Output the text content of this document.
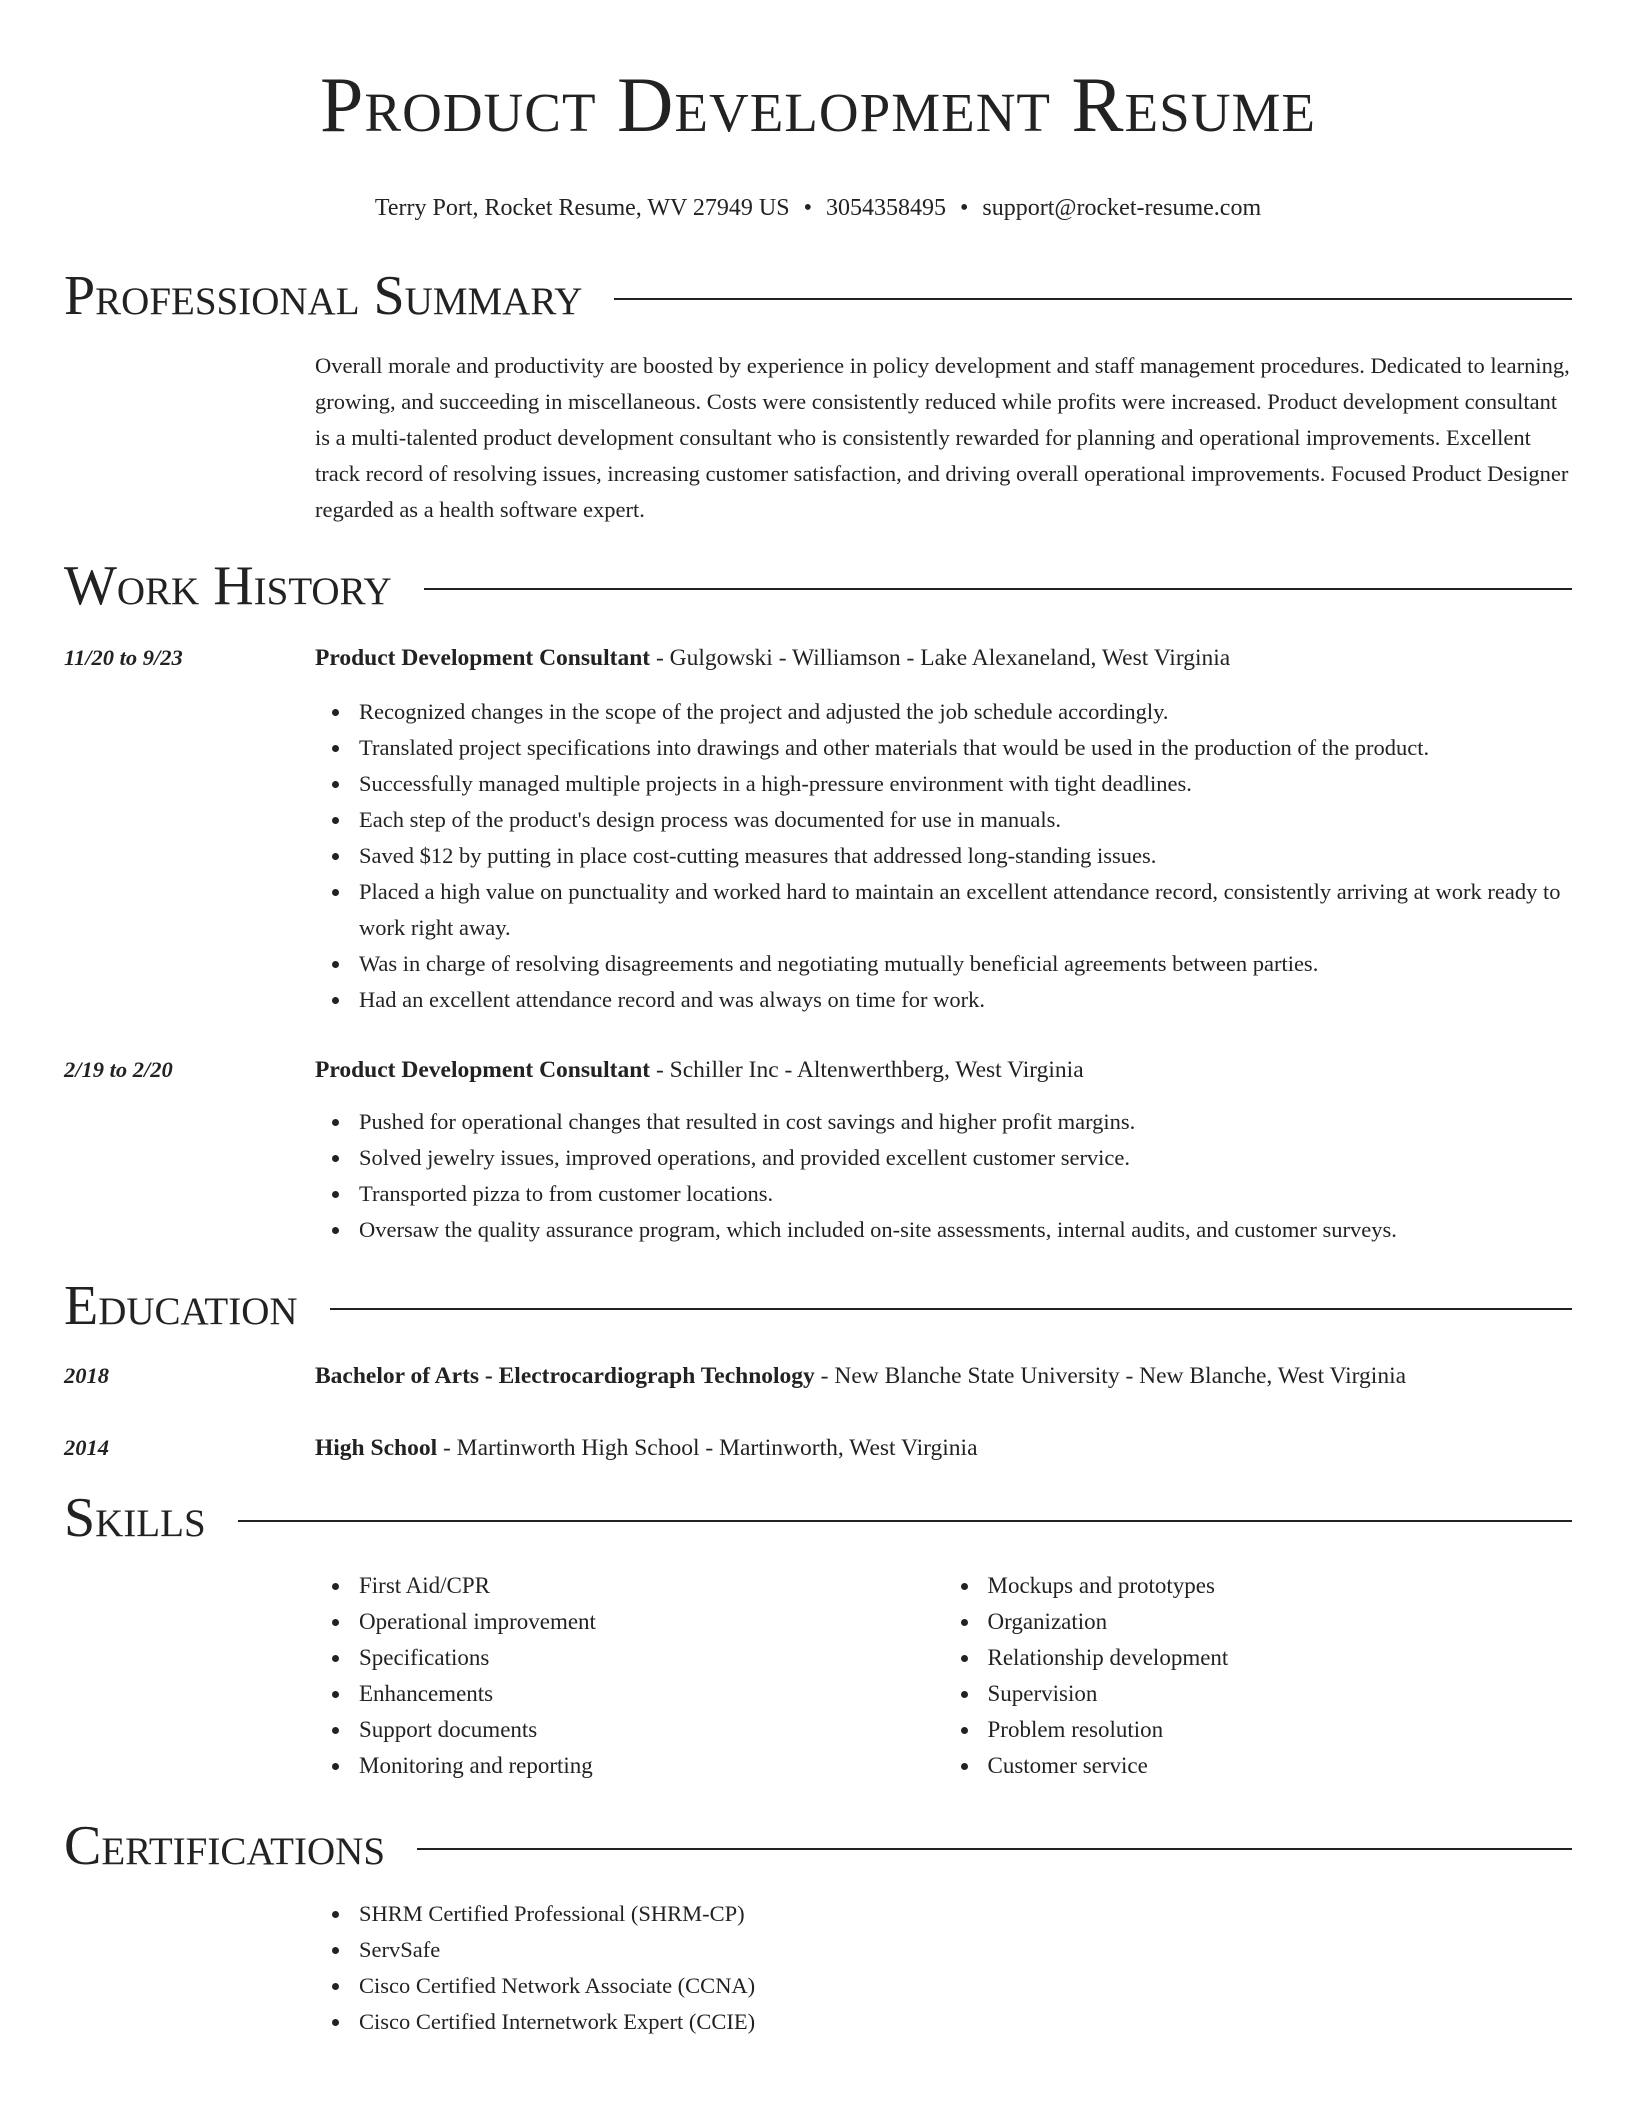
Product Development Resume
Terry Port, Rocket Resume, WV 27949 US • 3054358495 • support@rocket-resume.com
Professional Summary

Overall morale and productivity are boosted by experience in policy development and staff management procedures. Dedicated to learning, growing, and succeeding in miscellaneous. Costs were consistently reduced while profits were increased. Product development consultant is a multi-talented product development consultant who is consistently rewarded for planning and operational improvements. Excellent track record of resolving issues, increasing customer satisfaction, and driving overall operational improvements. Focused Product Designer regarded as a health software expert.

Work History
11/20 to 9/23	Product Development Consultant - Gulgowski - Williamson - Lake Alexaneland, West Virginia
Recognized changes in the scope of the project and adjusted the job schedule accordingly.
Translated project specifications into drawings and other materials that would be used in the production of the product.
Successfully managed multiple projects in a high-pressure environment with tight deadlines.
Each step of the product's design process was documented for use in manuals.
Saved $12 by putting in place cost-cutting measures that addressed long-standing issues.
Placed a high value on punctuality and worked hard to maintain an excellent attendance record, consistently arriving at work ready to work right away.
Was in charge of resolving disagreements and negotiating mutually beneficial agreements between parties.
Had an excellent attendance record and was always on time for work.
2/19 to 2/20	Product Development Consultant - Schiller Inc - Altenwerthberg, West Virginia
Pushed for operational changes that resulted in cost savings and higher profit margins.
Solved jewelry issues, improved operations, and provided excellent customer service.
Transported pizza to from customer locations.
Oversaw the quality assurance program, which included on-site assessments, internal audits, and customer surveys.
Education
2018	Bachelor of Arts - Electrocardiograph Technology - New Blanche State University - New Blanche, West Virginia
2014	High School - Martinworth High School - Martinworth, West Virginia
Skills
First Aid/CPR
Operational improvement
Specifications
Enhancements
Support documents
Monitoring and reporting
Mockups and prototypes
Organization
Relationship development
Supervision
Problem resolution
Customer service
Certifications
SHRM Certified Professional (SHRM-CP)
ServSafe
Cisco Certified Network Associate (CCNA)
Cisco Certified Internetwork Expert (CCIE)
